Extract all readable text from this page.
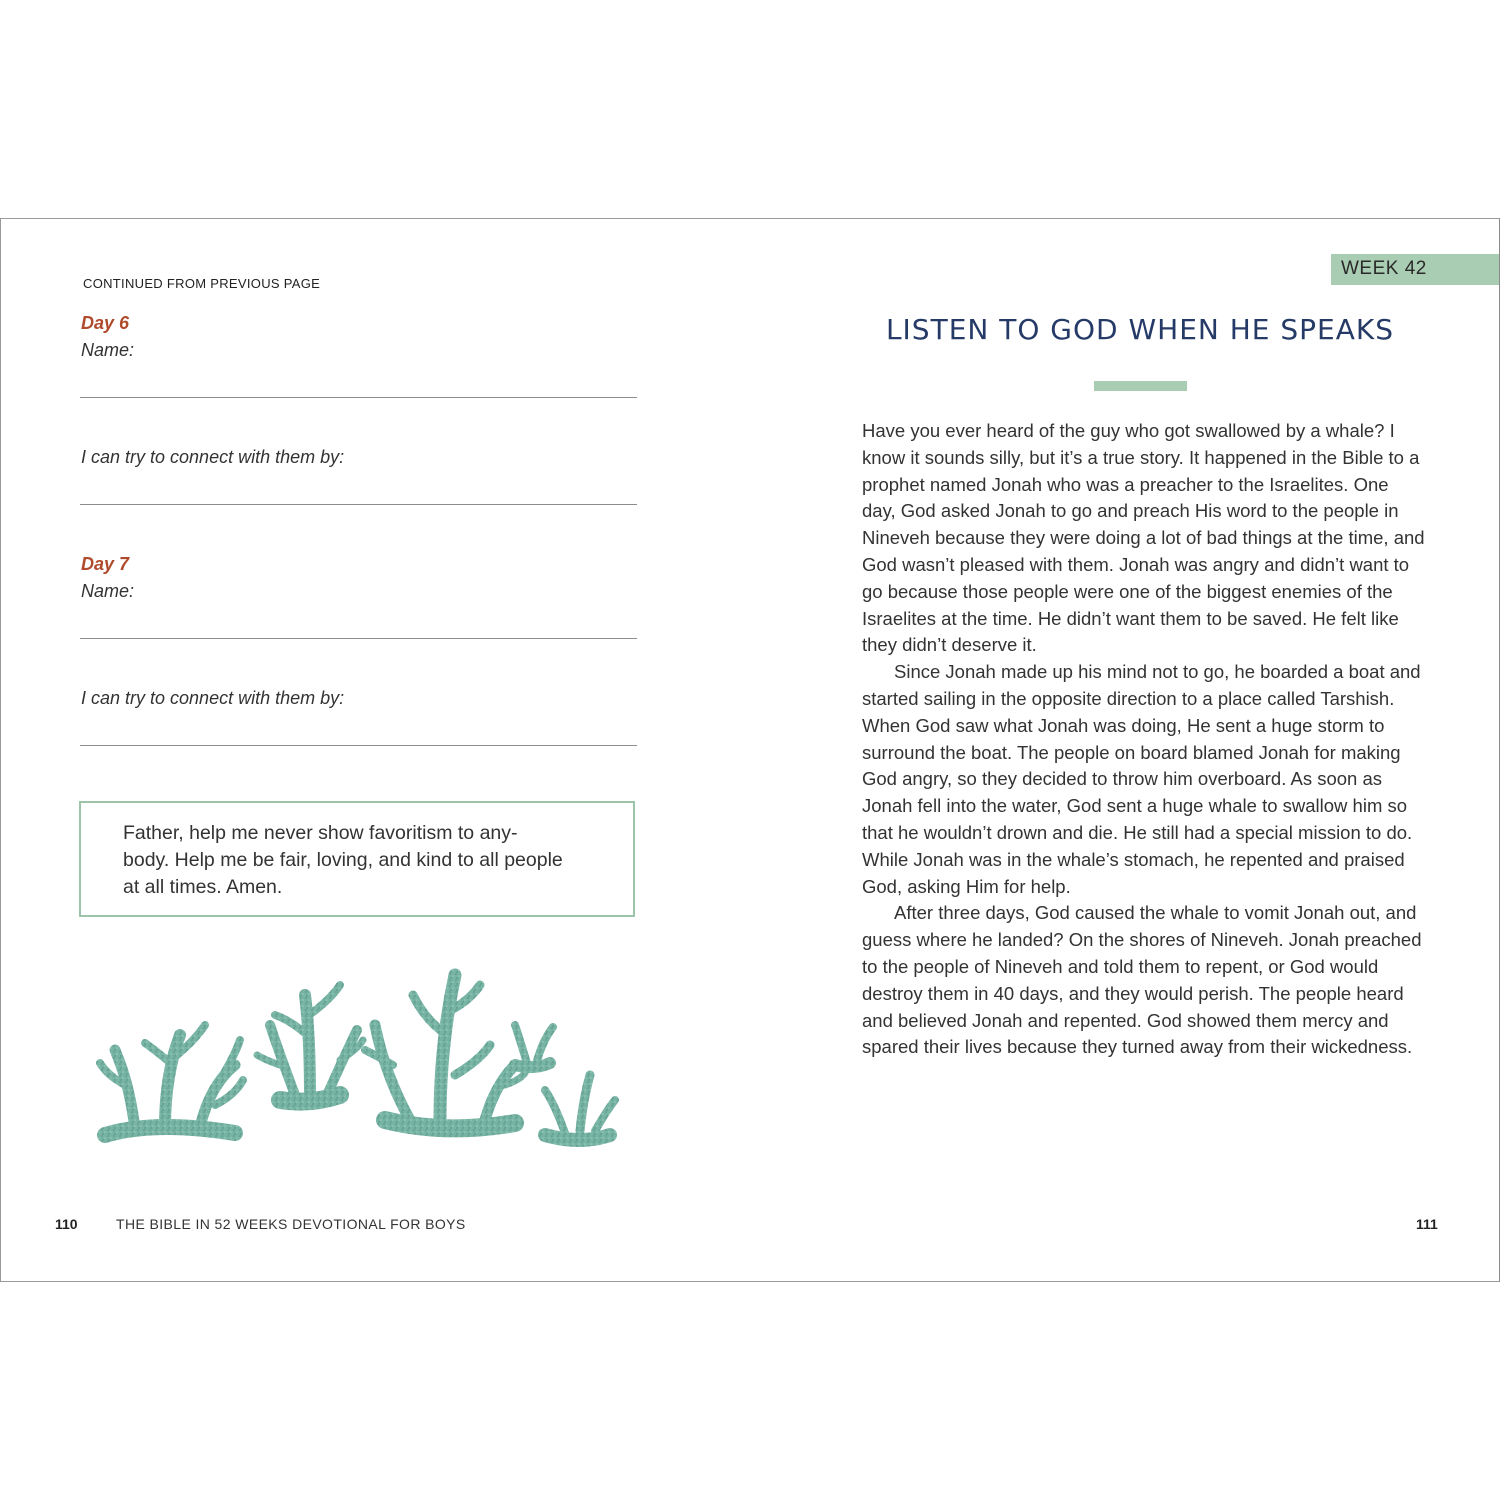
CONTINUED FROM PREVIOUS PAGE
Day 6
Name:
I can try to connect with them by:
Day 7
Name:
I can try to connect with them by:
Father, help me never show favoritism to any-body. Help me be fair, loving, and kind to all people at all times. Amen.
110	THE BIBLE IN 52 WEEKS DEVOTIONAL FOR BOYS
WEEK 42
LISTEN TO GOD WHEN HE SPEAKS

Have you ever heard of the guy who got swallowed by a whale? I know it sounds silly, but it’s a true story. It happened in the Bible to a prophet named Jonah who was a preacher to the Israelites. One day, God asked Jonah to go and preach His word to the people in Nineveh because they were doing a lot of bad things at the time, and God wasn’t pleased with them. Jonah was angry and didn’t want to go because those people were one of the biggest enemies of the Israelites at the time. He didn’t want them to be saved. He felt like they didn’t deserve it.

Since Jonah made up his mind not to go, he boarded a boat and started sailing in the opposite direction to a place called Tarshish. When God saw what Jonah was doing, He sent a huge storm to surround the boat. The people on board blamed Jonah for making God angry, so they decided to throw him overboard. As soon as Jonah fell into the water, God sent a huge whale to swallow him so that he wouldn’t drown and die. He still had a special mission to do. While Jonah was in the whale’s stomach, he repented and praised God, asking Him for help.

After three days, God caused the whale to vomit Jonah out, and guess where he landed? On the shores of Nineveh. Jonah preached to the people of Nineveh and told them to repent, or God would destroy them in 40 days, and they would perish. The people heard and believed Jonah and repented. God showed them mercy and spared their lives because they turned away from their wickedness.

111
